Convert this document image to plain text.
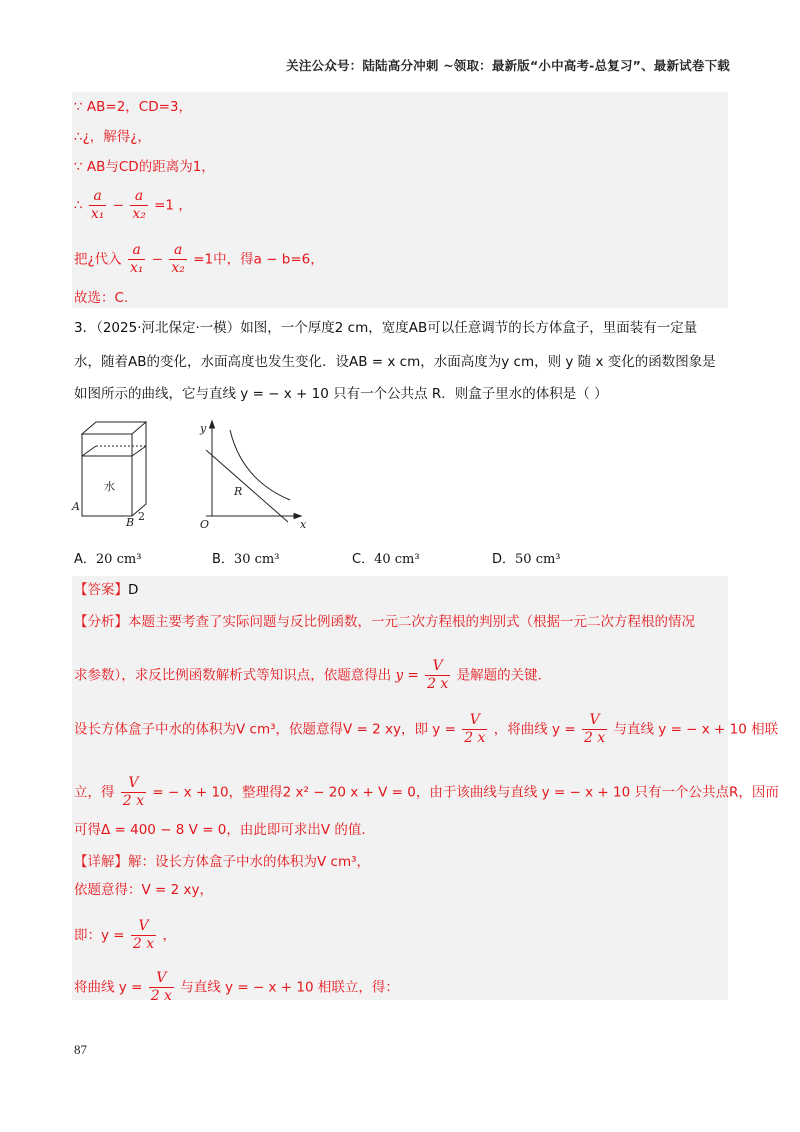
关注公众号：陆陆高分冲刺 ~领取：最新版“小中高考-总复习”、最新试卷下载
∵ AB=2，CD=3，
∴¿，解得¿，
∵ AB与CD的距离为1，
∴ $\frac{a}{\text{x₁}} - \frac{a}{\text{x₂}} =1$ ，
把¿代入 $\frac{a}{\text{x₁}} - \frac{a}{\text{x₂}} =1$中，得a − b=6，
故选：C.
3．（2025·河北保定·一模）如图，一个厚度2 cm，宽度AB可以任意调节的长方体盒子，里面装有一定量
水，随着AB的变化，水面高度也发生变化．设AB = x cm，水面高度为y cm，则 y 随 x 变化的函数图象是
如图所示的曲线，它与直线 y = − x + 10 只有一个公共点 R．则盒子里水的体积是（ ）
水
A
B 2
y
x
O
R
A．20 cm³	B．30 cm³	C．40 cm³	D．50 cm³
【答案】D
【分析】本题主要考查了实际问题与反比例函数，一元二次方程根的判别式（根据一元二次方程根的情况
求参数），求反比例函数解析式等知识点，依题意得出 $y = \frac{V}{2 x}$ 是解题的关键．
设长方体盒子中水的体积为V cm³，依题意得V = 2 xy，即 $y = \frac{V}{2 x}$ ，将曲线 $y = \frac{V}{2 x}$ 与直线 y = − x + 10 相联
立，得 $\frac{V}{2 x}$ = − x + 10，整理得2 x² − 20 x + V = 0，由于该曲线与直线 y = − x + 10 只有一个公共点R，因而
可得Δ = 400 − 8 V = 0，由此即可求出V 的值．
【详解】解：设长方体盒子中水的体积为V cm³，
依题意得：V = 2 xy，
即：$y = \frac{V}{2 x}$ ，
将曲线 $y = \frac{V}{2 x}$ 与直线 y = − x + 10 相联立，得：
87
